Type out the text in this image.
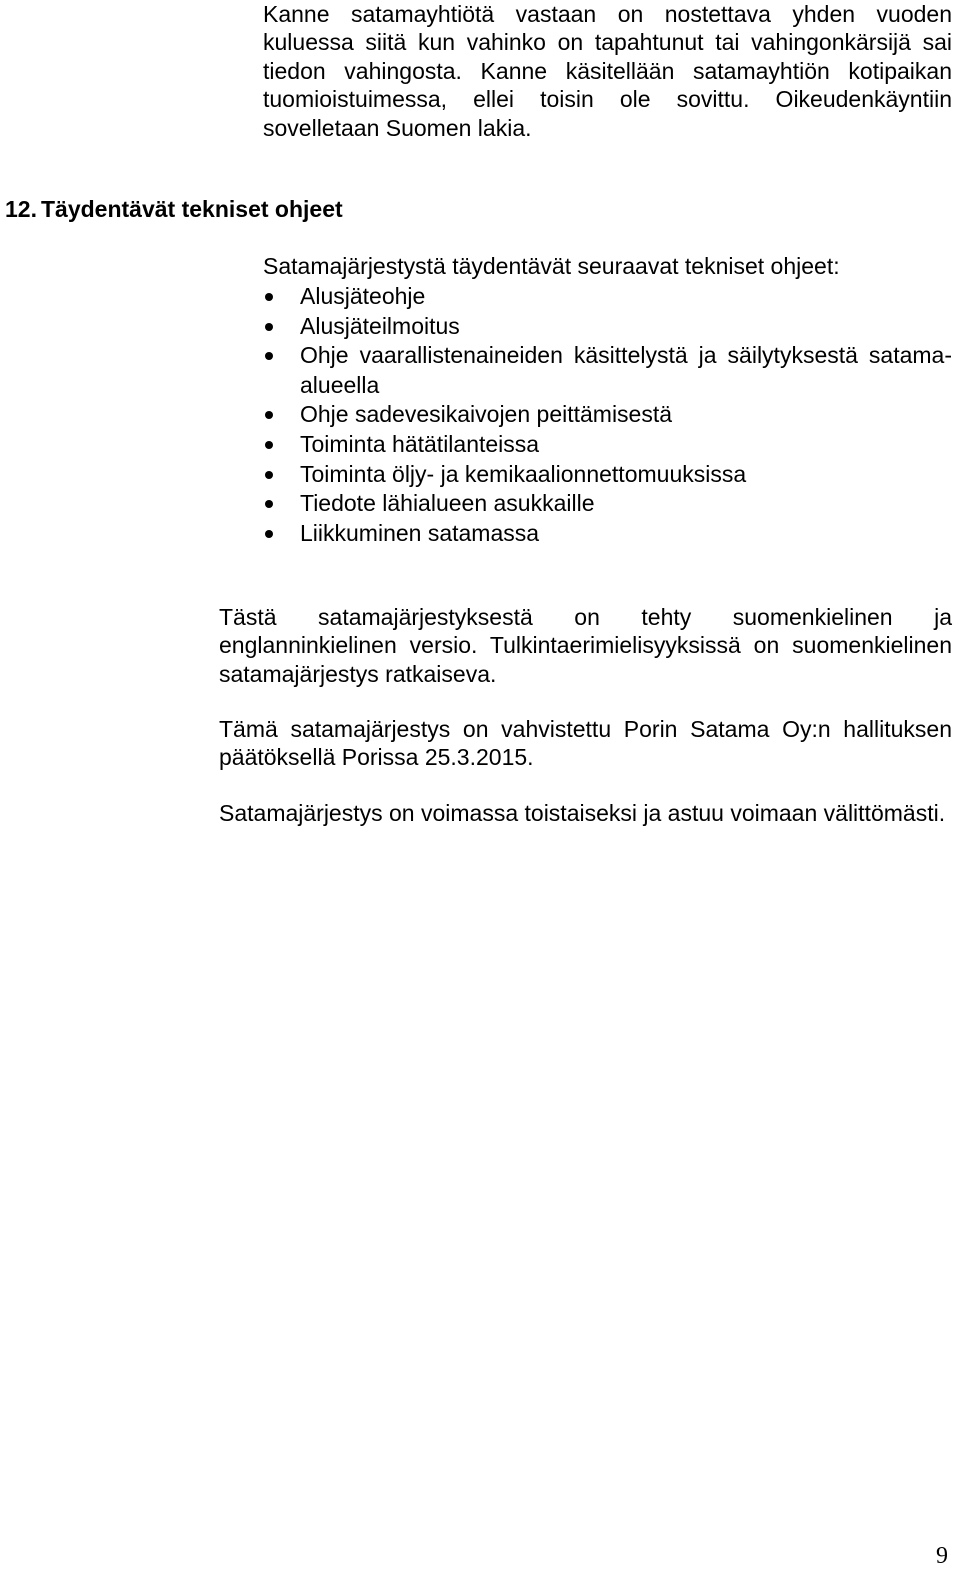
Kanne satamayhtiötä vastaan on nostettava yhden vuoden kuluessa siitä kun vahinko on tapahtunut tai vahingonkärsijä sai tiedon vahingosta. Kanne käsitellään satamayhtiön kotipaikan tuomioistuimessa, ellei toisin ole sovittu. Oikeudenkäyntiin sovelletaan Suomen lakia.

12. Täydentävät tekniset ohjeet

Satamajärjestystä täydentävät seuraavat tekniset ohjeet:

Alusjäteohje
Alusjäteilmoitus
Ohje vaarallistenaineiden käsittelystä ja säilytyksestä satama-alueella
Ohje sadevesikaivojen peittämisestä
Toiminta hätätilanteissa
Toiminta öljy- ja kemikaalionnettomuuksissa
Tiedote lähialueen asukkaille
Liikkuminen satamassa

Tästä satamajärjestyksestä on tehty suomenkielinen ja englanninkielinen versio. Tulkintaerimielisyyksissä on suomenkielinen satamajärjestys ratkaiseva.

Tämä satamajärjestys on vahvistettu Porin Satama Oy:n hallituksen päätöksellä Porissa 25.3.2015.

Satamajärjestys on voimassa toistaiseksi ja astuu voimaan välittömästi.

9
